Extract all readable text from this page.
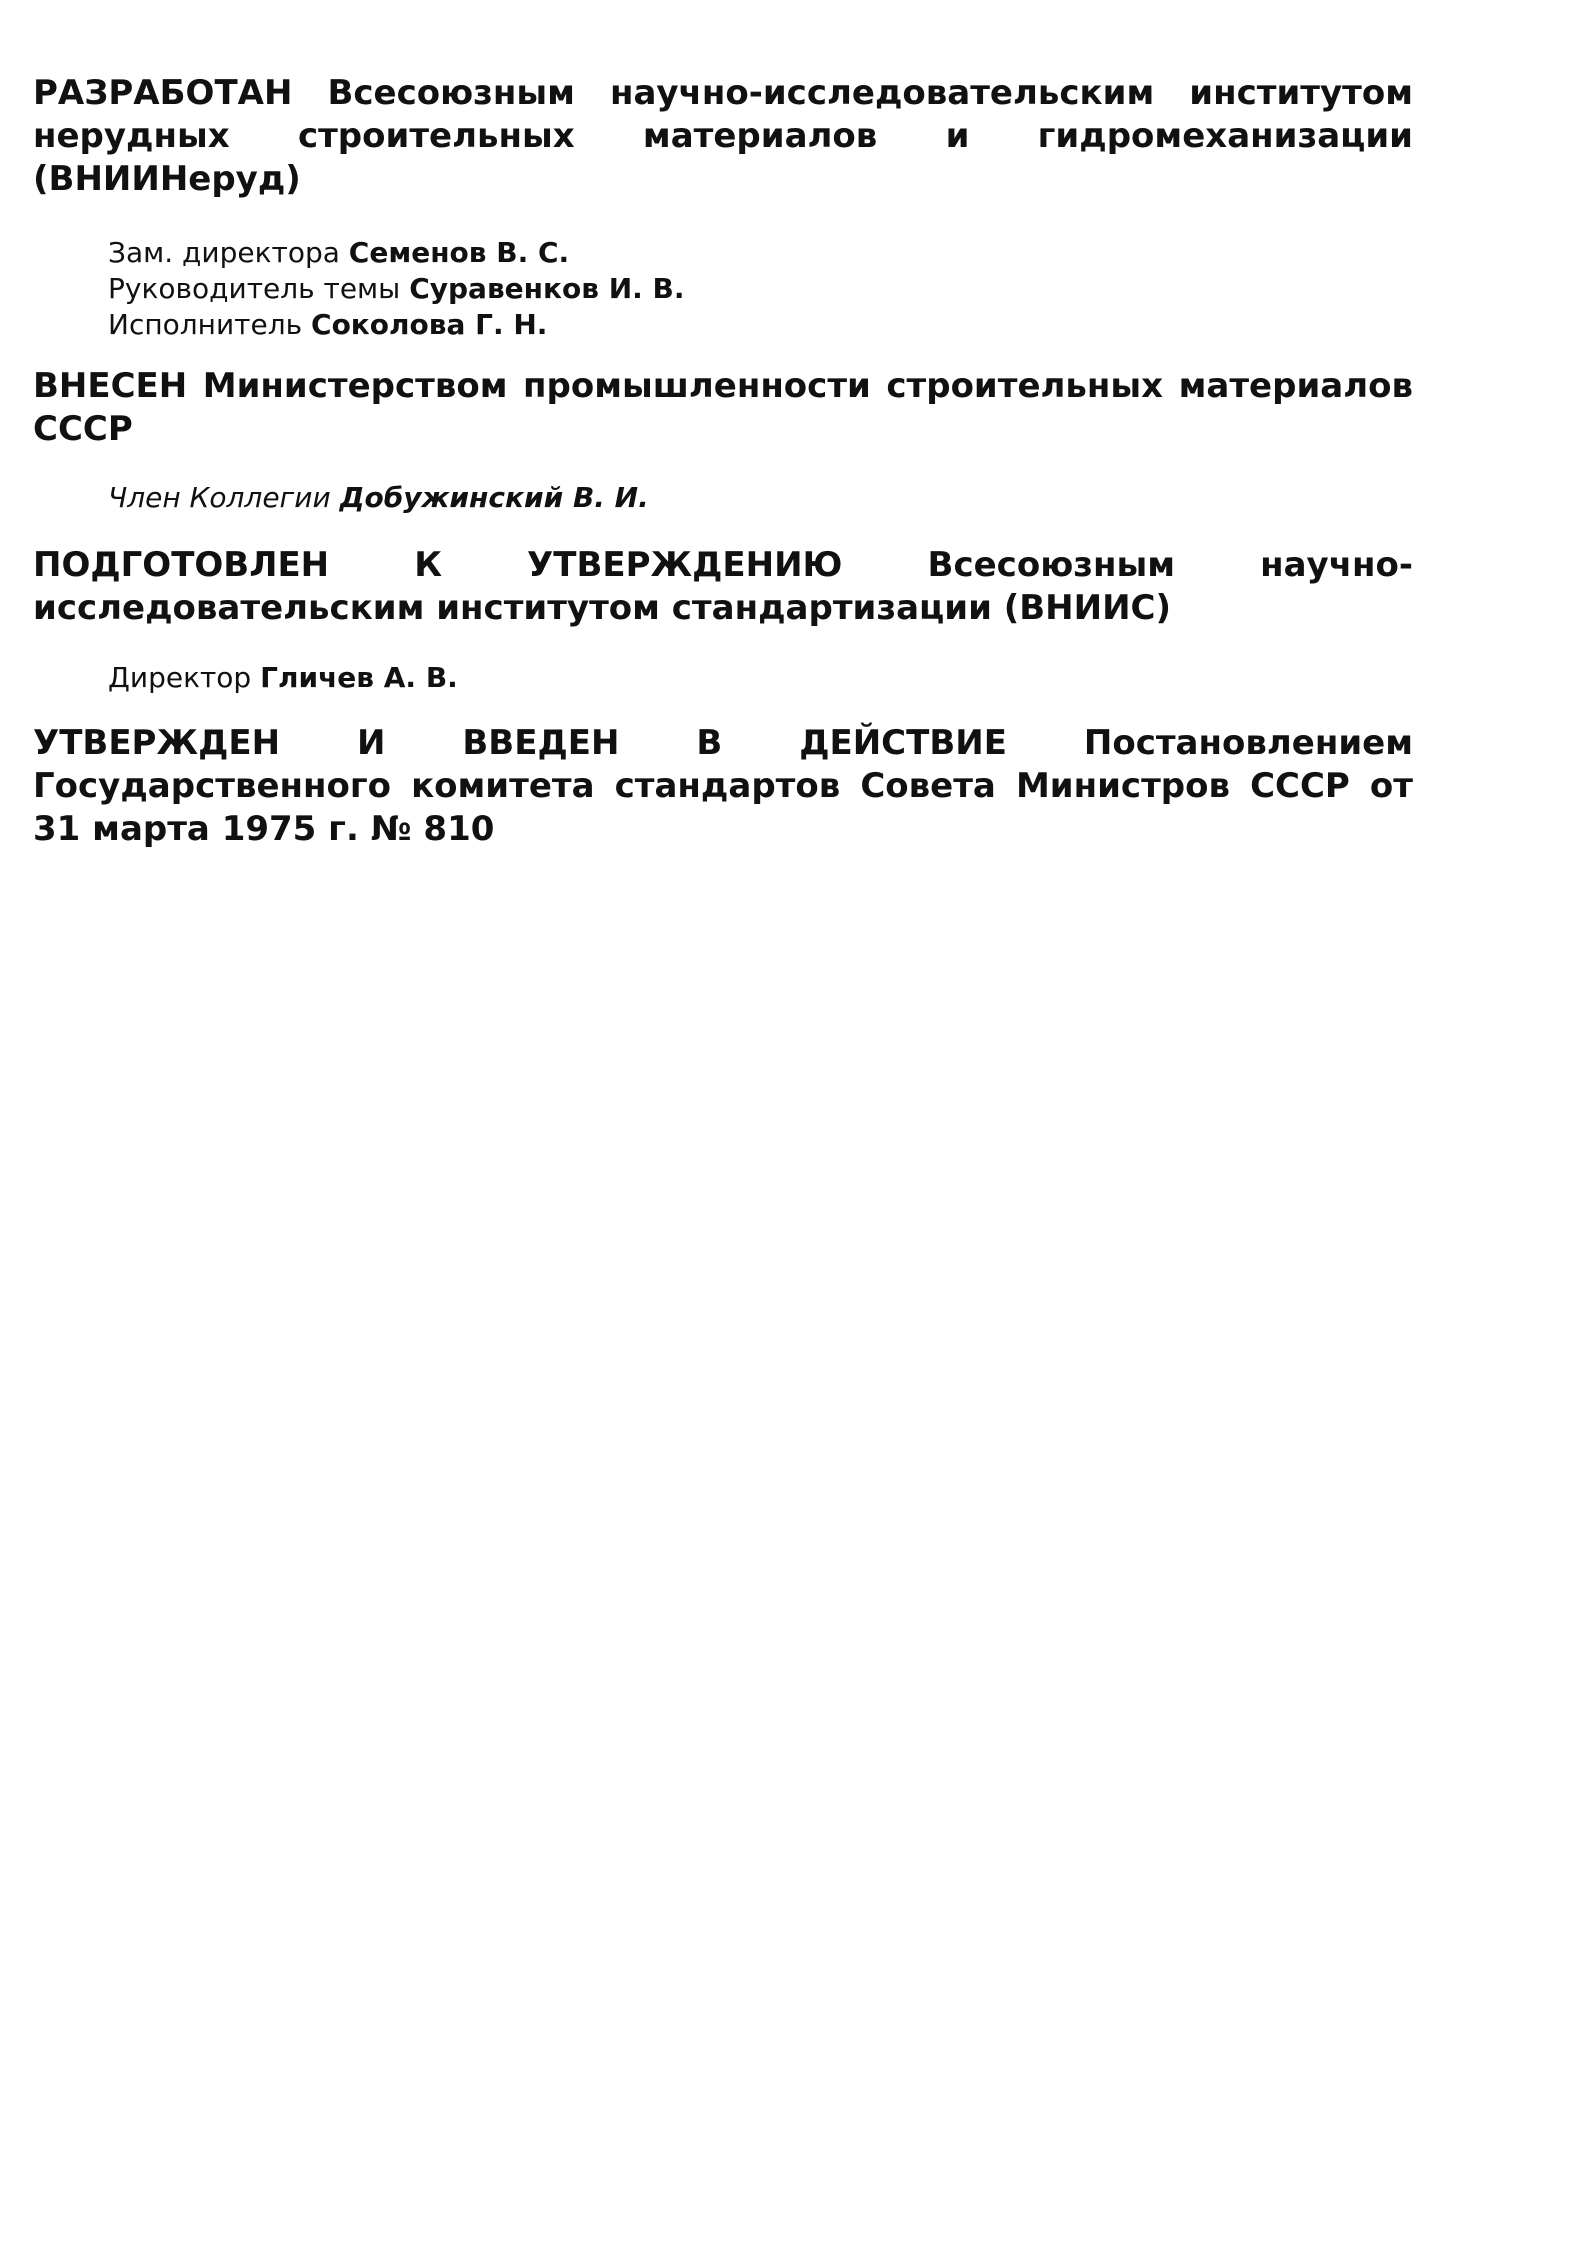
РАЗРАБОТАН Всесоюзным научно-исследовательским институтом нерудных строительных материалов и гидромеханизации (ВНИИНеруд)
Зам. директора Семенов В. С.
Руководитель темы Суравенков И. В.
Исполнитель Соколова Г. Н.
ВНЕСЕН Министерством промышленности строительных материалов СССР
Член Коллегии Добужинский В. И.
ПОДГОТОВЛЕН К УТВЕРЖДЕНИЮ Всесоюзным научно-исследовательским институтом стандартизации (ВНИИС)
Директор Гличев А. В.
УТВЕРЖДЕН И ВВЕДЕН В ДЕЙСТВИЕ Постановлением Государственного комитета стандартов Совета Министров СССР от 31 марта 1975 г. № 810
